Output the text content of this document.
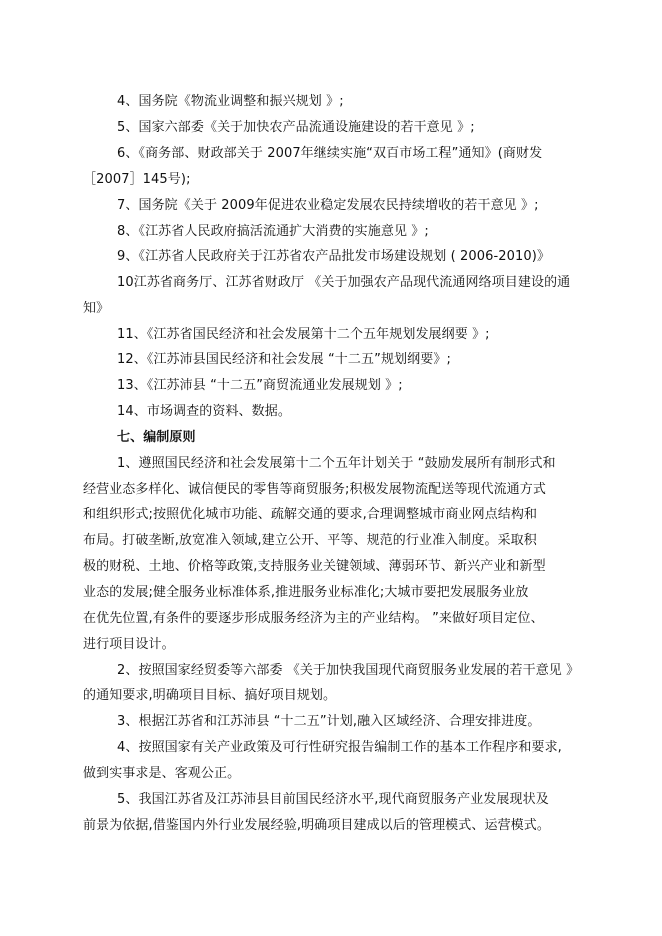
4、国务院《物流业调整和振兴规划 》;
5、国家六部委《关于加快农产品流通设施建设的若干意见 》;
6、《商务部、财政部关于 2007年继续实施“双百市场工程”通知》(商财发
［2007］145号);
7、国务院《关于 2009年促进农业稳定发展农民持续增收的若干意见 》;
8、《江苏省人民政府搞活流通扩大消费的实施意见 》;
9、《江苏省人民政府关于江苏省农产品批发市场建设规划 ( 2006-2010)》
10江苏省商务厅、江苏省财政厅 《关于加强农产品现代流通网络项目建设的通
知》
11、《江苏省国民经济和社会发展第十二个五年规划发展纲要 》;
12、《江苏沛县国民经济和社会发展 “十二五”规划纲要》;
13、《江苏沛县 “十二五”商贸流通业发展规划 》;
14、市场调查的资料、数据。
七、编制原则
1、遵照国民经济和社会发展第十二个五年计划关于 “鼓励发展所有制形式和
经营业态多样化、诚信便民的零售等商贸服务;积极发展物流配送等现代流通方式
和组织形式;按照优化城市功能、疏解交通的要求,合理调整城市商业网点结构和
布局。打破垄断,放宽准入领域,建立公开、平等、规范的行业准入制度。采取积
极的财税、土地、价格等政策,支持服务业关键领域、薄弱环节、新兴产业和新型
业态的发展;健全服务业标准体系,推进服务业标准化;大城市要把发展服务业放
在优先位置,有条件的要逐步形成服务经济为主的产业结构。 ”来做好项目定位、
进行项目设计。
2、按照国家经贸委等六部委 《关于加快我国现代商贸服务业发展的若干意见 》
的通知要求,明确项目目标、搞好项目规划。
3、根据江苏省和江苏沛县 “十二五”计划,融入区域经济、合理安排进度。
4、按照国家有关产业政策及可行性研究报告编制工作的基本工作程序和要求,
做到实事求是、客观公正。
5、我国江苏省及江苏沛县目前国民经济水平,现代商贸服务产业发展现状及
前景为依据,借鉴国内外行业发展经验,明确项目建成以后的管理模式、运营模式。
